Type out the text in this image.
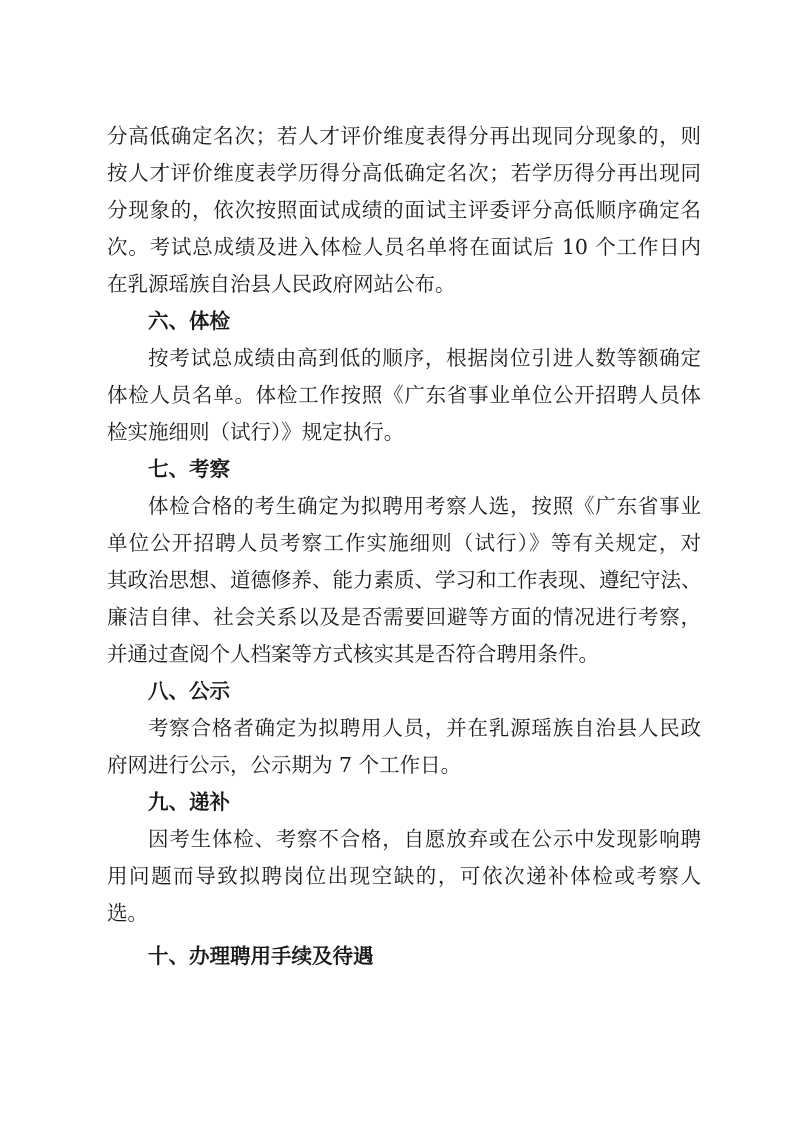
分高低确定名次；若人才评价维度表得分再出现同分现象的，则
按人才评价维度表学历得分高低确定名次；若学历得分再出现同
分现象的，依次按照面试成绩的面试主评委评分高低顺序确定名
次。考试总成绩及进入体检人员名单将在面试后 10 个工作日内
在乳源瑶族自治县人民政府网站公布。
六、体检
按考试总成绩由高到低的顺序，根据岗位引进人数等额确定
体检人员名单。体检工作按照《广东省事业单位公开招聘人员体
检实施细则（试行）》规定执行。
七、考察
体检合格的考生确定为拟聘用考察人选，按照《广东省事业
单位公开招聘人员考察工作实施细则（试行）》等有关规定，对
其政治思想、道德修养、能力素质、学习和工作表现、遵纪守法、
廉洁自律、社会关系以及是否需要回避等方面的情况进行考察，
并通过查阅个人档案等方式核实其是否符合聘用条件。
八、公示
考察合格者确定为拟聘用人员，并在乳源瑶族自治县人民政
府网进行公示，公示期为 7 个工作日。
九、递补
因考生体检、考察不合格，自愿放弃或在公示中发现影响聘
用问题而导致拟聘岗位出现空缺的，可依次递补体检或考察人
选。
十、办理聘用手续及待遇
